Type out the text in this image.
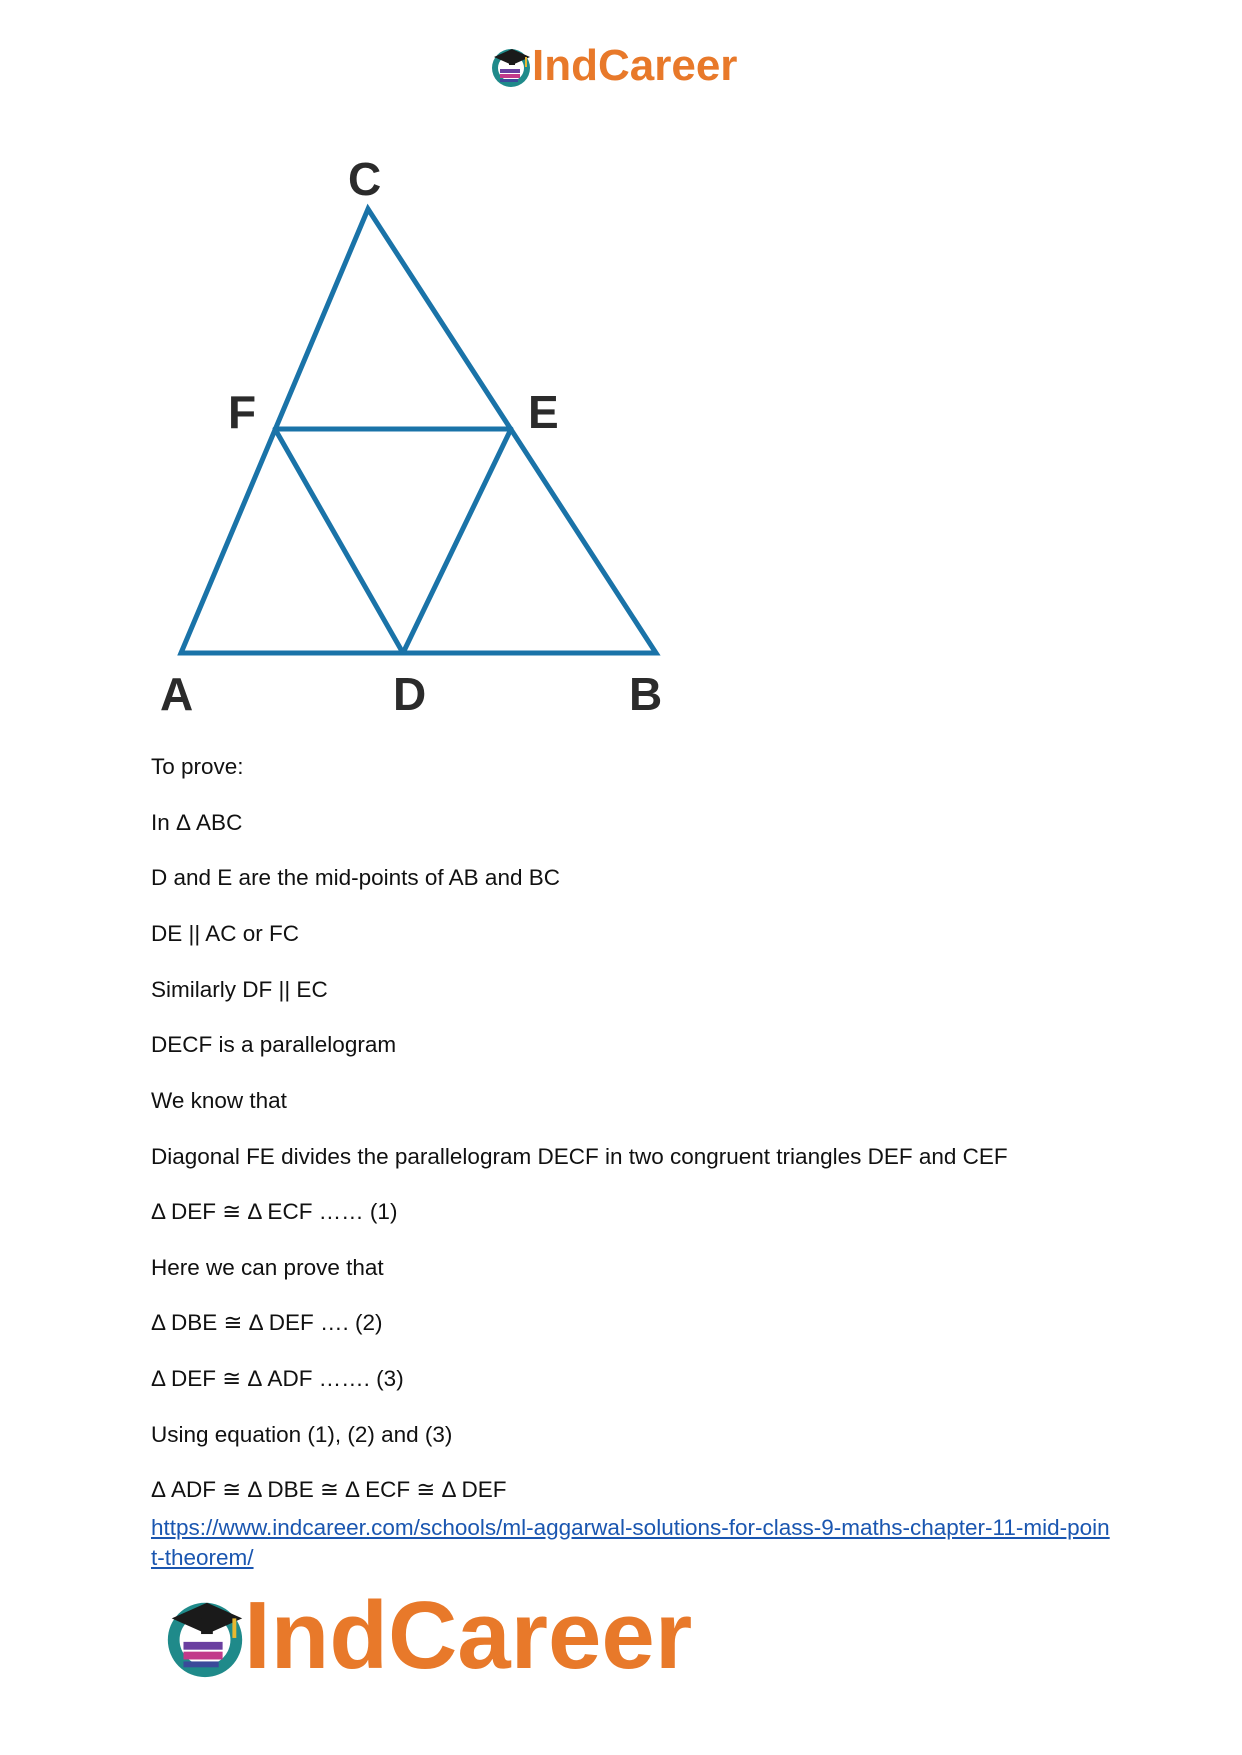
IndCareer
C
F	E
A	D	B
To prove:
In Δ ABC
D and E are the mid-points of AB and BC
DE || AC or FC
Similarly DF || EC
DECF is a parallelogram
We know that
Diagonal FE divides the parallelogram DECF in two congruent triangles DEF and CEF
Δ DEF ≅ Δ ECF …… (1)
Here we can prove that
Δ DBE ≅ Δ DEF …. (2)
Δ DEF ≅ Δ ADF ……. (3)
Using equation (1), (2) and (3)
Δ ADF ≅ Δ DBE ≅ Δ ECF ≅ Δ DEF
https://www.indcareer.com/schools/ml-aggarwal-solutions-for-class-9-maths-chapter-11-mid-point-theorem/
IndCareer
